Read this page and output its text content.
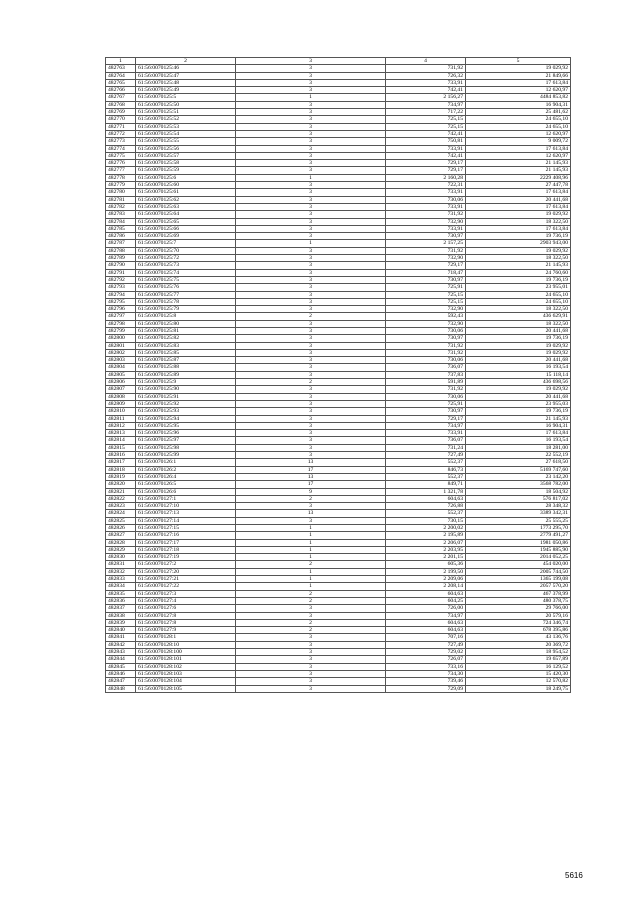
1	2	3	4	5
482763	61:56:0070125:46	3	731,92	19 029,92
482764	61:56:0070125:47	3	726,32	21 849,66
482765	61:56:0070125:48	3	733,91	17 613,84
482766	61:56:0070125:49	3	742,41	12 620,97
482767	61:56:0070125:5	1	2 156,27	4484 853,82
482768	61:56:0070125:50	3	734,97	16 904,31
482769	61:56:0070125:51	3	717,22	25 481,62
482770	61:56:0070125:52	3	725,15	24 655,10
482771	61:56:0070125:53	3	725,15	24 655,10
482772	61:56:0070125:54	3	742,41	12 620,97
482773	61:56:0070125:55	3	750,81	9 009,72
482774	61:56:0070125:56	3	733,91	17 613,84
482775	61:56:0070125:57	3	742,41	12 620,97
482776	61:56:0070125:58	3	729,17	21 145,93
482777	61:56:0070125:59	3	729,17	21 145,93
482778	61:56:0070125:6	1	2 160,28	2229 408,96
482779	61:56:0070125:60	3	722,31	27 447,78
482780	61:56:0070125:61	3	733,91	17 613,84
482781	61:56:0070125:62	3	730,06	20 441,68
482782	61:56:0070125:63	3	733,91	17 613,84
482783	61:56:0070125:64	3	731,92	19 029,92
482784	61:56:0070125:65	3	732,90	18 322,50
482785	61:56:0070125:66	3	733,91	17 613,84
482786	61:56:0070125:69	3	730,97	19 736,19
482787	61:56:0070125:7	1	2 157,25	2903 943,00
482788	61:56:0070125:70	3	731,92	19 029,92
482789	61:56:0070125:72	3	732,90	18 322,50
482790	61:56:0070125:73	3	729,17	21 145,93
482791	61:56:0070125:74	3	718,47	24 760,60
482792	61:56:0070125:75	3	730,97	19 736,19
482793	61:56:0070125:76	3	725,91	23 955,01
482794	61:56:0070125:77	3	725,15	24 655,10
482795	61:56:0070125:78	3	725,15	24 655,10
482796	61:56:0070125:79	3	732,90	18 322,50
482797	61:56:0070125:8	2	592,43	436 629,91
482798	61:56:0070125:80	3	732,90	18 322,50
482799	61:56:0070125:81	3	730,06	20 441,68
482800	61:56:0070125:82	3	730,97	19 736,19
482801	61:56:0070125:83	3	731,92	19 029,92
482802	61:56:0070125:85	3	731,92	19 029,92
482803	61:56:0070125:87	3	730,06	20 441,68
482804	61:56:0070125:88	3	736,07	16 193,54
482805	61:56:0070125:89	3	737,83	15 118,14
482806	61:56:0070125:9	2	591,89	436 698,56
482807	61:56:0070125:90	3	731,92	19 029,92
482808	61:56:0070125:91	3	730,06	20 441,68
482809	61:56:0070125:92	3	725,91	23 955,03
482810	61:56:0070125:93	3	730,97	19 736,19
482811	61:56:0070125:94	3	729,17	21 145,93
482812	61:56:0070125:95	3	734,97	16 904,31
482813	61:56:0070125:96	3	733,91	17 613,84
482814	61:56:0070125:97	3	736,07	16 193,54
482815	61:56:0070125:98	3	731,24	18 281,00
482816	61:56:0070125:99	3	727,49	22 552,19
482817	61:56:0070126:1	13	552,37	27 618,50
482818	61:56:0070126:2	17	846,73	5169 747,60
482819	61:56:0070126:4	13	552,37	23 142,20
482820	61:56:0070126:5	17	849,71	3568 782,00
482821	61:56:0070126:6	9	1 321,78	18 504,92
482822	61:56:0070127:1	2	604,63	576 817,02
482823	61:56:0070127:10	3	726,88	28 348,32
482824	61:56:0070127:13	13	552,37	3389 342,31
482825	61:56:0070127:14	3	730,15	25 555,25
482826	61:56:0070127:15	1	2 200,02	1773 295,70
482827	61:56:0070127:16	1	2 195,89	2779 491,27
482828	61:56:0070127:17	1	2 206,07	1981 050,86
482829	61:56:0070127:18	1	2 203,95	1945 885,90
482830	61:56:0070127:19	1	2 201,15	2014 052,25
482831	61:56:0070127:2	2	605,36	454 020,00
482832	61:56:0070127:20	1	2 199,50	2005 744,50
482833	61:56:0070127:21	1	2 209,06	1365 199,08
482834	61:56:0070127:22	1	2 208,14	2057 570,20
482835	61:56:0070127:3	2	604,63	467 378,99
482836	61:56:0070127:4	2	604,25	480 378,75
482837	61:56:0070127:6	3	726,00	29 766,00
482838	61:56:0070127:8	3	734,97	20 579,16
482839	61:56:0070127:8	2	604,63	724 346,74
482840	61:56:0070127:9	2	604,63	678 395,86
482841	61:56:0070128:1	3	707,16	43 136,76
482842	61:56:0070128:10	3	727,49	20 369,72
482843	61:56:0070128:100	3	729,02	18 954,52
482844	61:56:0070128:101	3	726,07	19 657,89
482845	61:56:0070128:102	3	733,16	16 129,52
482846	61:56:0070128:103	3	734,30	15 420,30
482847	61:56:0070128:104	3	739,46	12 570,82
482848	61:56:0070128:105	3	729,09	18 249,75
5616
